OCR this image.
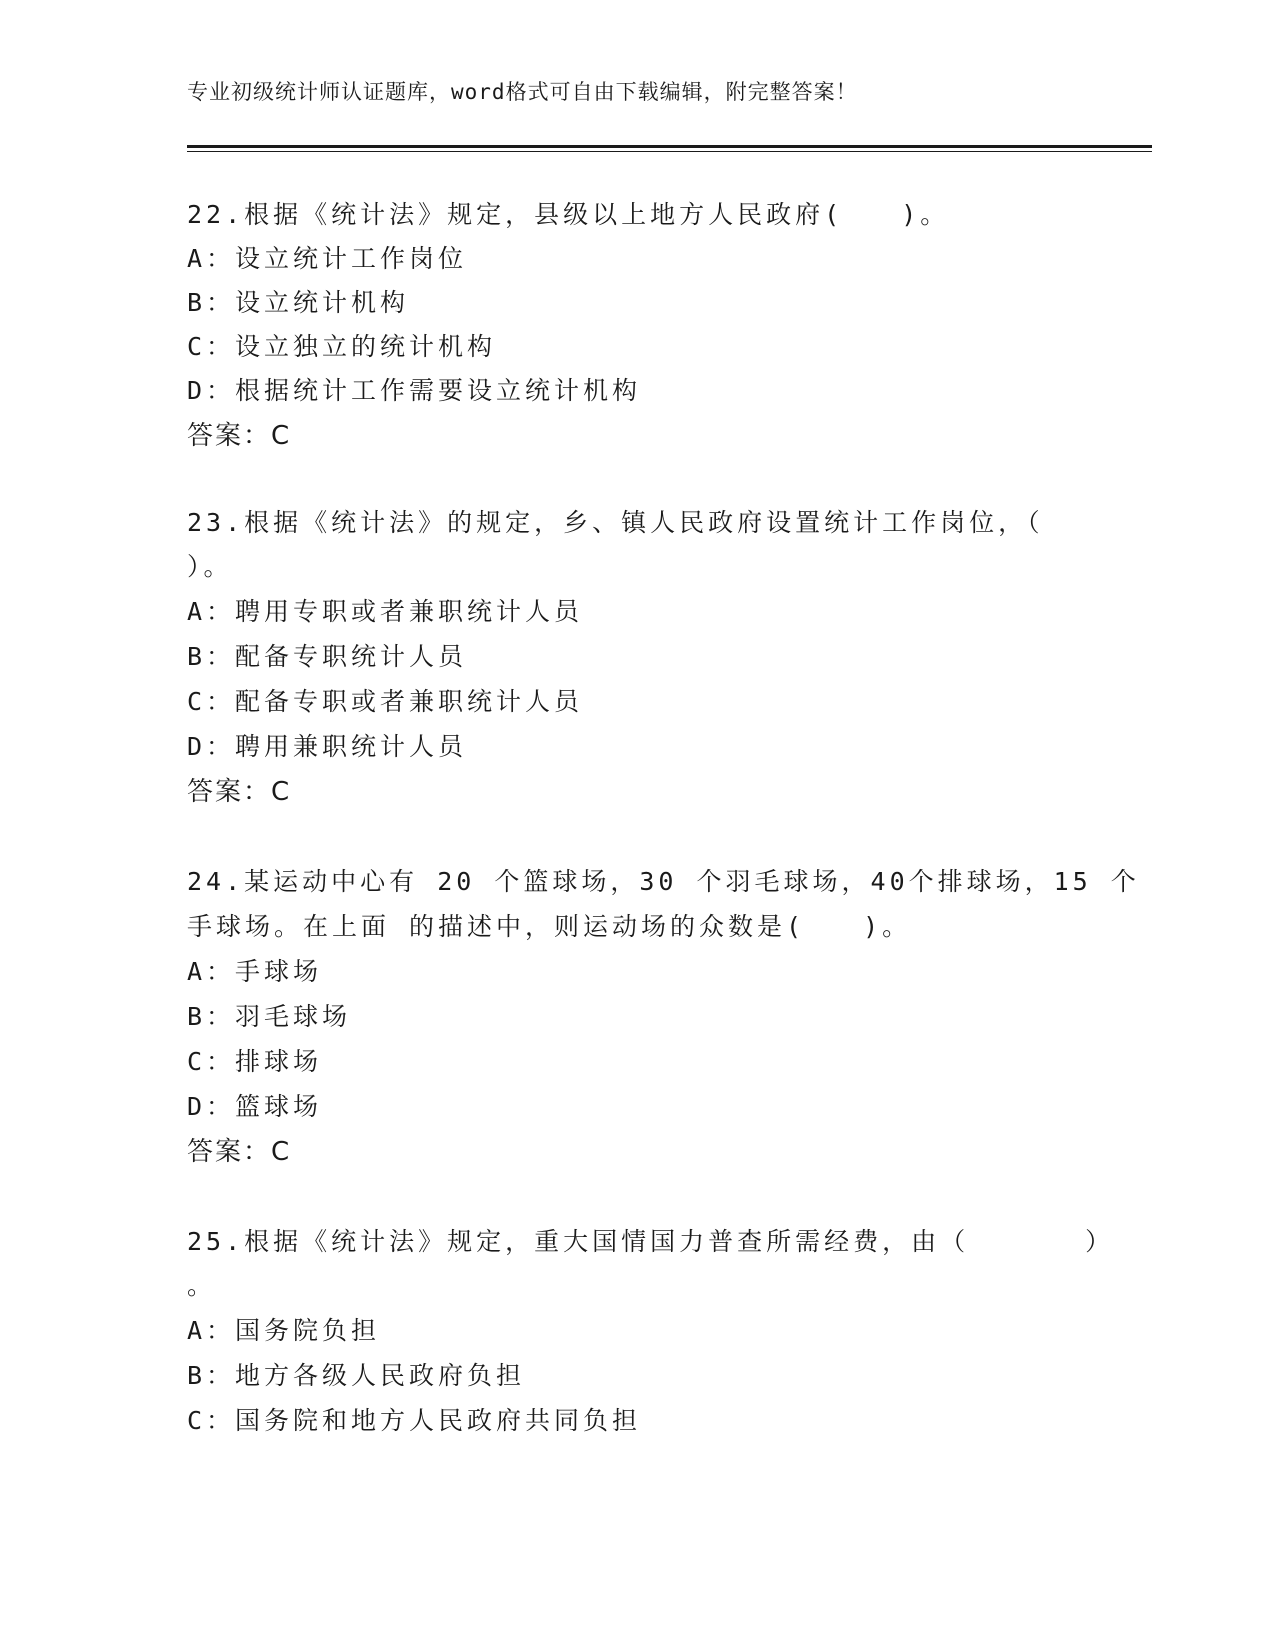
专业初级统计师认证题库，word格式可自由下载编辑，附完整答案！
22.根据《统计法》规定，县级以上地方人民政府(　　)。
A：设立统计工作岗位
B：设立统计机构
C：设立独立的统计机构
D：根据统计工作需要设立统计机构
答案：C
23.根据《统计法》的规定，乡、镇人民政府设置统计工作岗位，（
）。
A：聘用专职或者兼职统计人员
B：配备专职统计人员
C：配备专职或者兼职统计人员
D：聘用兼职统计人员
答案：C
24.某运动中心有 20 个篮球场，30 个羽毛球场，40个排球场，15 个
手球场。在上面 的描述中，则运动场的众数是(　　)。
A：手球场
B：羽毛球场
C：排球场
D：篮球场
答案：C
25.根据《统计法》规定，重大国情国力普查所需经费，由（　　　　）
。
A：国务院负担
B：地方各级人民政府负担
C：国务院和地方人民政府共同负担
